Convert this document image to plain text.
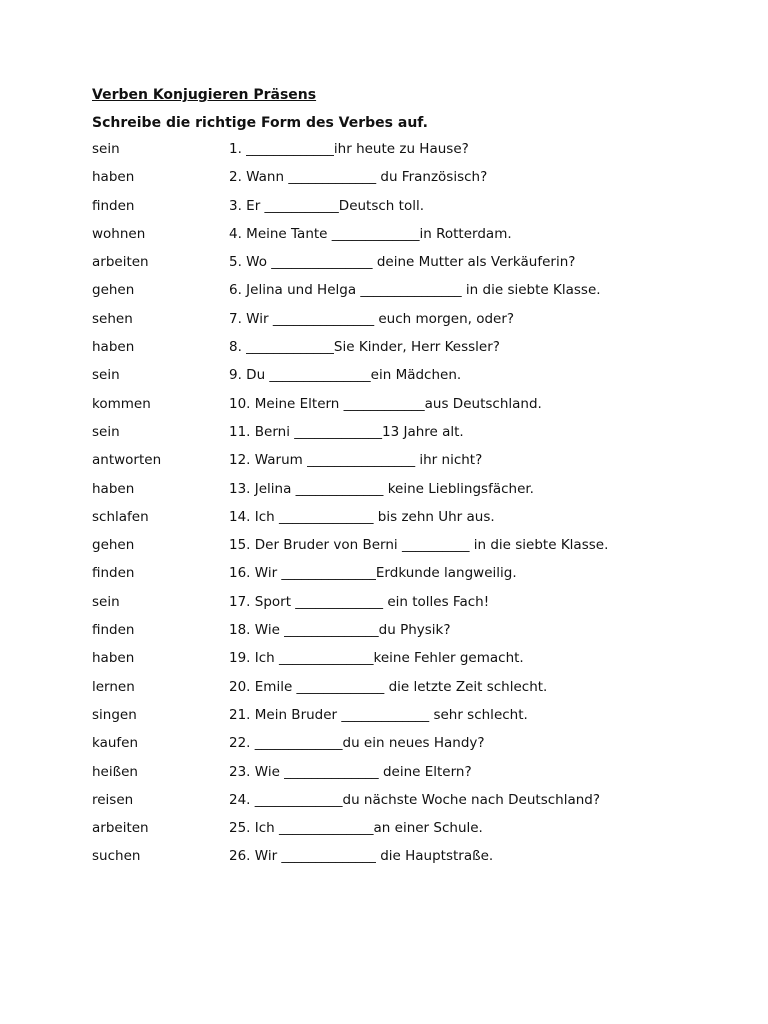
Verben Konjugieren Präsens
Schreibe die richtige Form des Verbes auf.
sein	1. _____________ihr heute zu Hause?
haben	2. Wann _____________ du Französisch?
finden	3. Er ___________Deutsch toll.
wohnen	4. Meine Tante _____________in Rotterdam.
arbeiten	5. Wo _______________ deine Mutter als Verkäuferin?
gehen	6. Jelina und Helga _______________ in die siebte Klasse.
sehen	7. Wir _______________ euch morgen, oder?
haben	8. _____________Sie Kinder, Herr Kessler?
sein	9. Du _______________ein Mädchen.
kommen	10. Meine Eltern ____________aus Deutschland.
sein	11. Berni _____________13 Jahre alt.
antworten	12. Warum ________________ ihr nicht?
haben	13. Jelina _____________ keine Lieblingsfächer.
schlafen	14. Ich ______________ bis zehn Uhr aus.
gehen	15. Der Bruder von Berni __________ in die siebte Klasse.
finden	16. Wir ______________Erdkunde langweilig.
sein	17. Sport _____________ ein tolles Fach!
finden	18. Wie ______________du Physik?
haben	19. Ich ______________keine Fehler gemacht.
lernen	20. Emile _____________ die letzte Zeit schlecht.
singen	21. Mein Bruder _____________ sehr schlecht.
kaufen	22. _____________du ein neues Handy?
heißen	23. Wie ______________ deine Eltern?
reisen	24. _____________du nächste Woche nach Deutschland?
arbeiten	25. Ich ______________an einer Schule.
suchen	26. Wir ______________ die Hauptstraße.
